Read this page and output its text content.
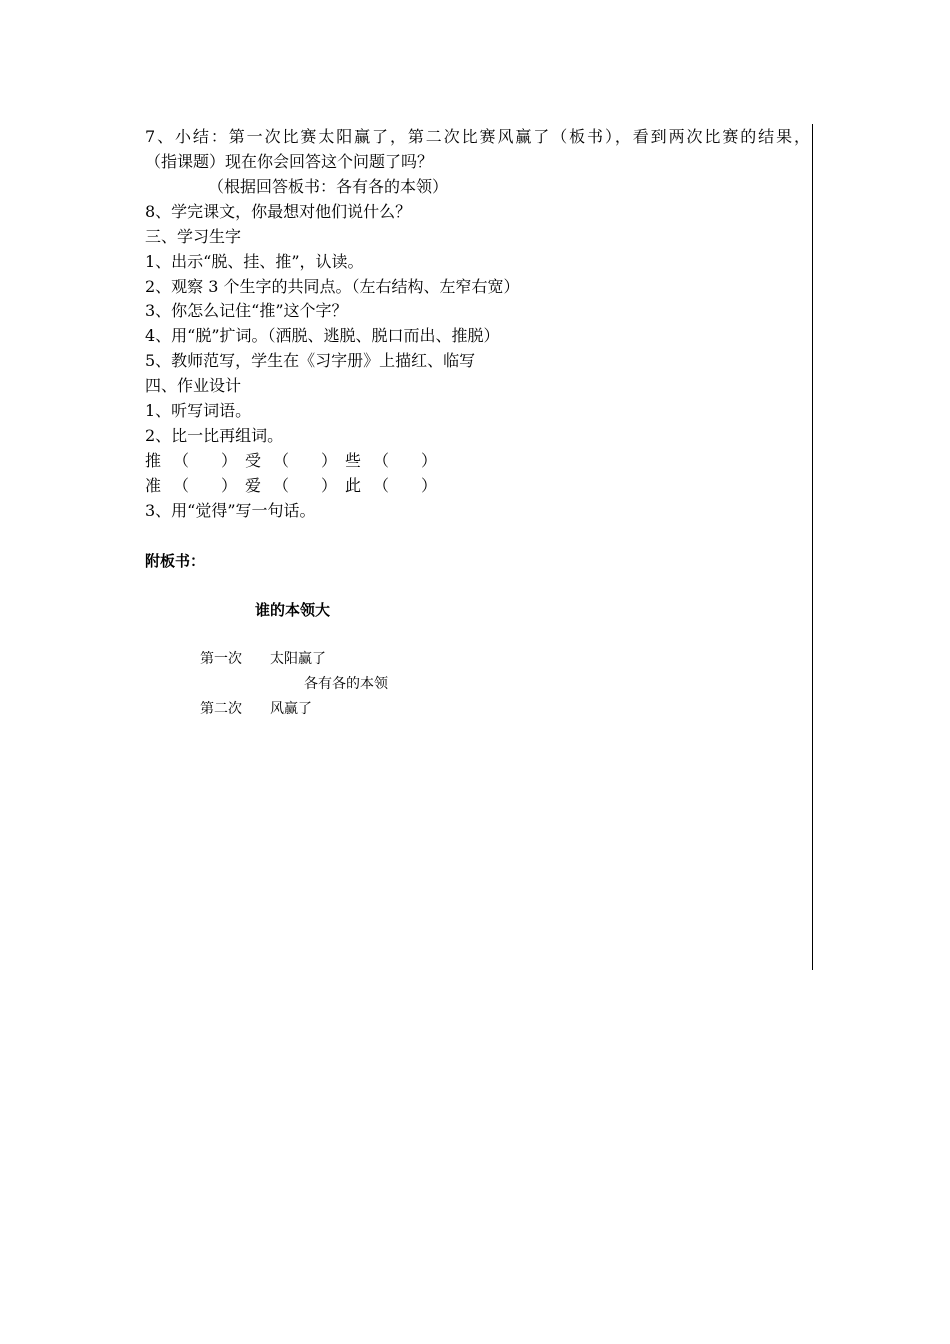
7、小结：第一次比赛太阳赢了，第二次比赛风赢了（板书），看到两次比赛的结果，
（指课题）现在你会回答这个问题了吗？
（根据回答板书：各有各的本领）
8、学完课文，你最想对他们说什么？
三、学习生字
1、出示“脱、挂、推”，认读。
2、观察 3 个生字的共同点。（左右结构、左窄右宽）
3、你怎么记住“推”这个字？
4、用“脱”扩词。（洒脱、逃脱、脱口而出、推脱）
5、教师范写，学生在《习字册》上描红、临写
四、作业设计
1、听写词语。
2、比一比再组词。
推 （　　） 受 （　　） 些 （　　）
准 （　　） 爱 （　　） 此 （　　）
3、用“觉得”写一句话。
附板书：
谁的本领大
第一次 太阳赢了
各有各的本领
第二次 风赢了
